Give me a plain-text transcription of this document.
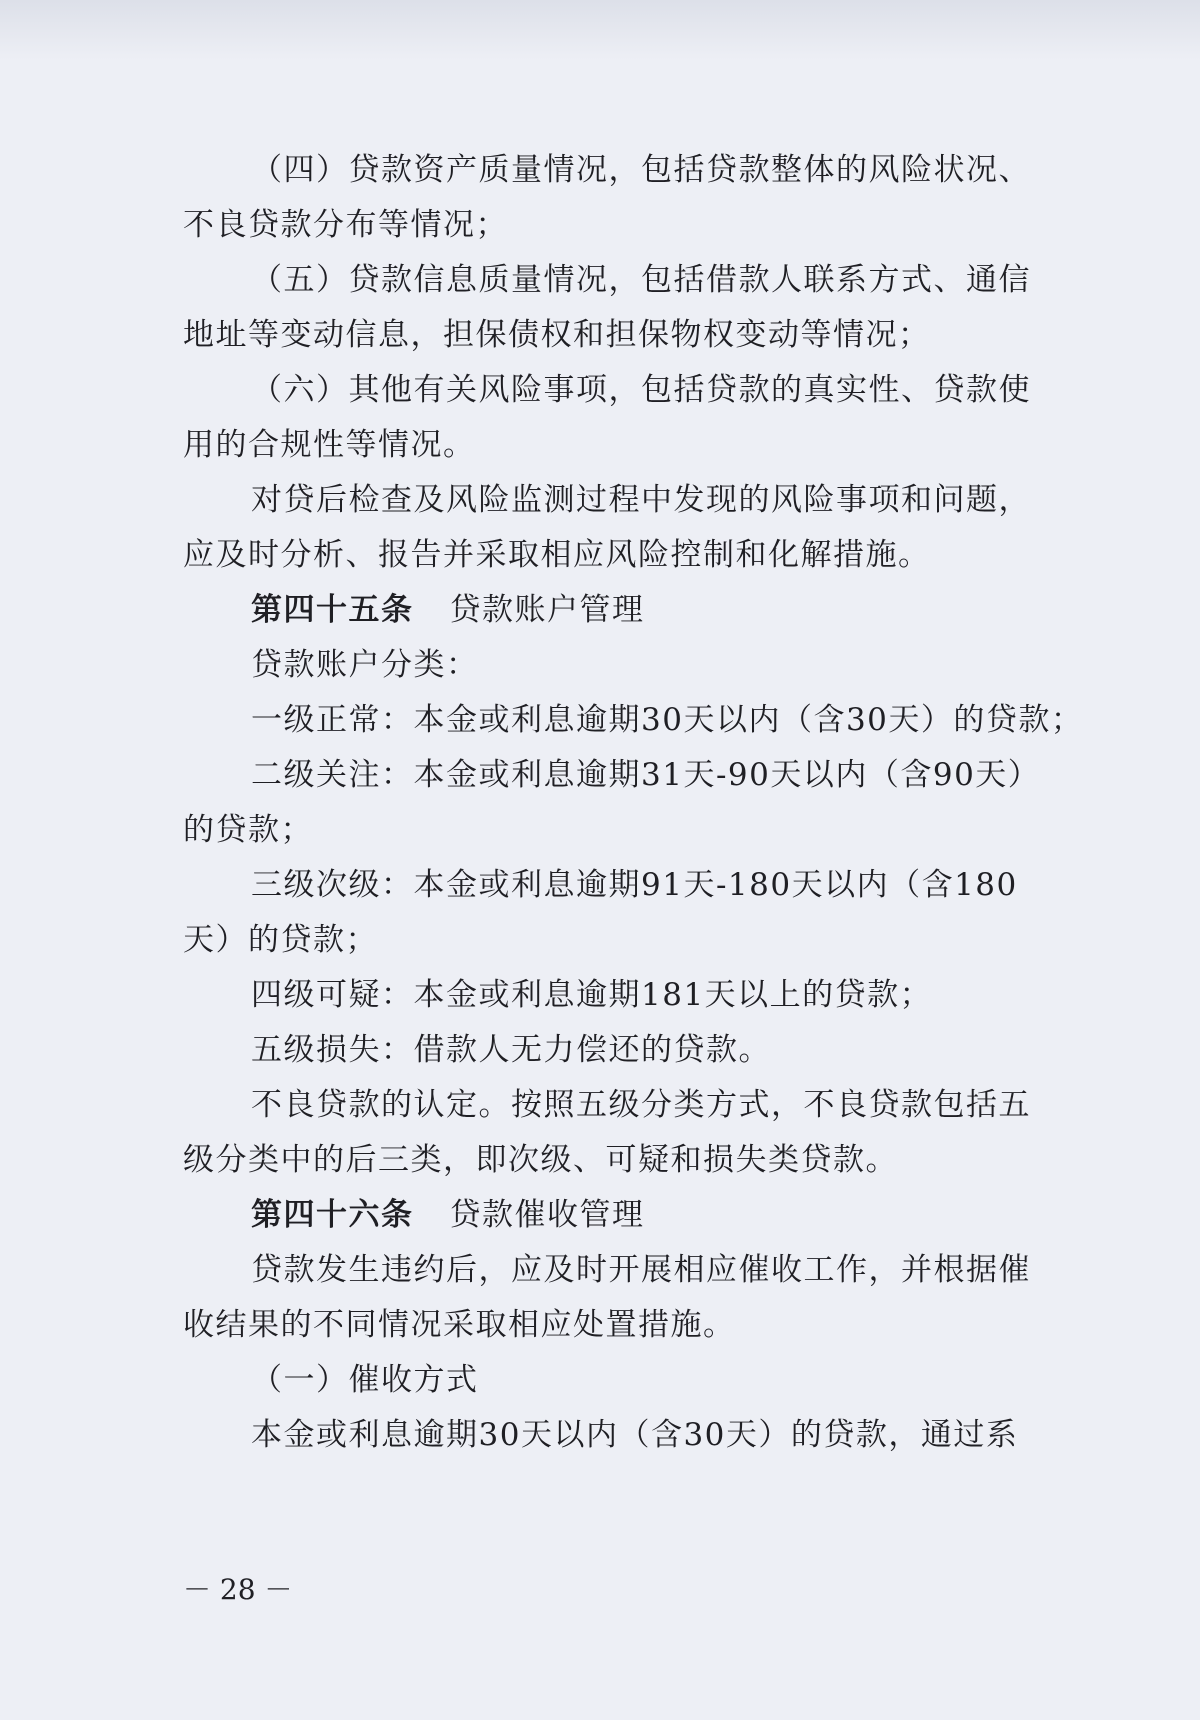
（四）贷款资产质量情况，包括贷款整体的风险状况、
不良贷款分布等情况；
（五）贷款信息质量情况，包括借款人联系方式、通信
地址等变动信息，担保债权和担保物权变动等情况；
（六）其他有关风险事项，包括贷款的真实性、贷款使
用的合规性等情况。
对贷后检查及风险监测过程中发现的风险事项和问题，
应及时分析、报告并采取相应风险控制和化解措施。
第四十五条 贷款账户管理
贷款账户分类：
一级正常：本金或利息逾期30天以内（含30天）的贷款；
二级关注：本金或利息逾期31天-90天以内（含90天）
的贷款；
三级次级：本金或利息逾期91天-180天以内（含180
天）的贷款；
四级可疑：本金或利息逾期181天以上的贷款；
五级损失：借款人无力偿还的贷款。
不良贷款的认定。按照五级分类方式，不良贷款包括五
级分类中的后三类，即次级、可疑和损失类贷款。
第四十六条 贷款催收管理
贷款发生违约后，应及时开展相应催收工作，并根据催
收结果的不同情况采取相应处置措施。
（一）催收方式
本金或利息逾期30天以内（含30天）的贷款，通过系
－ 28 －
